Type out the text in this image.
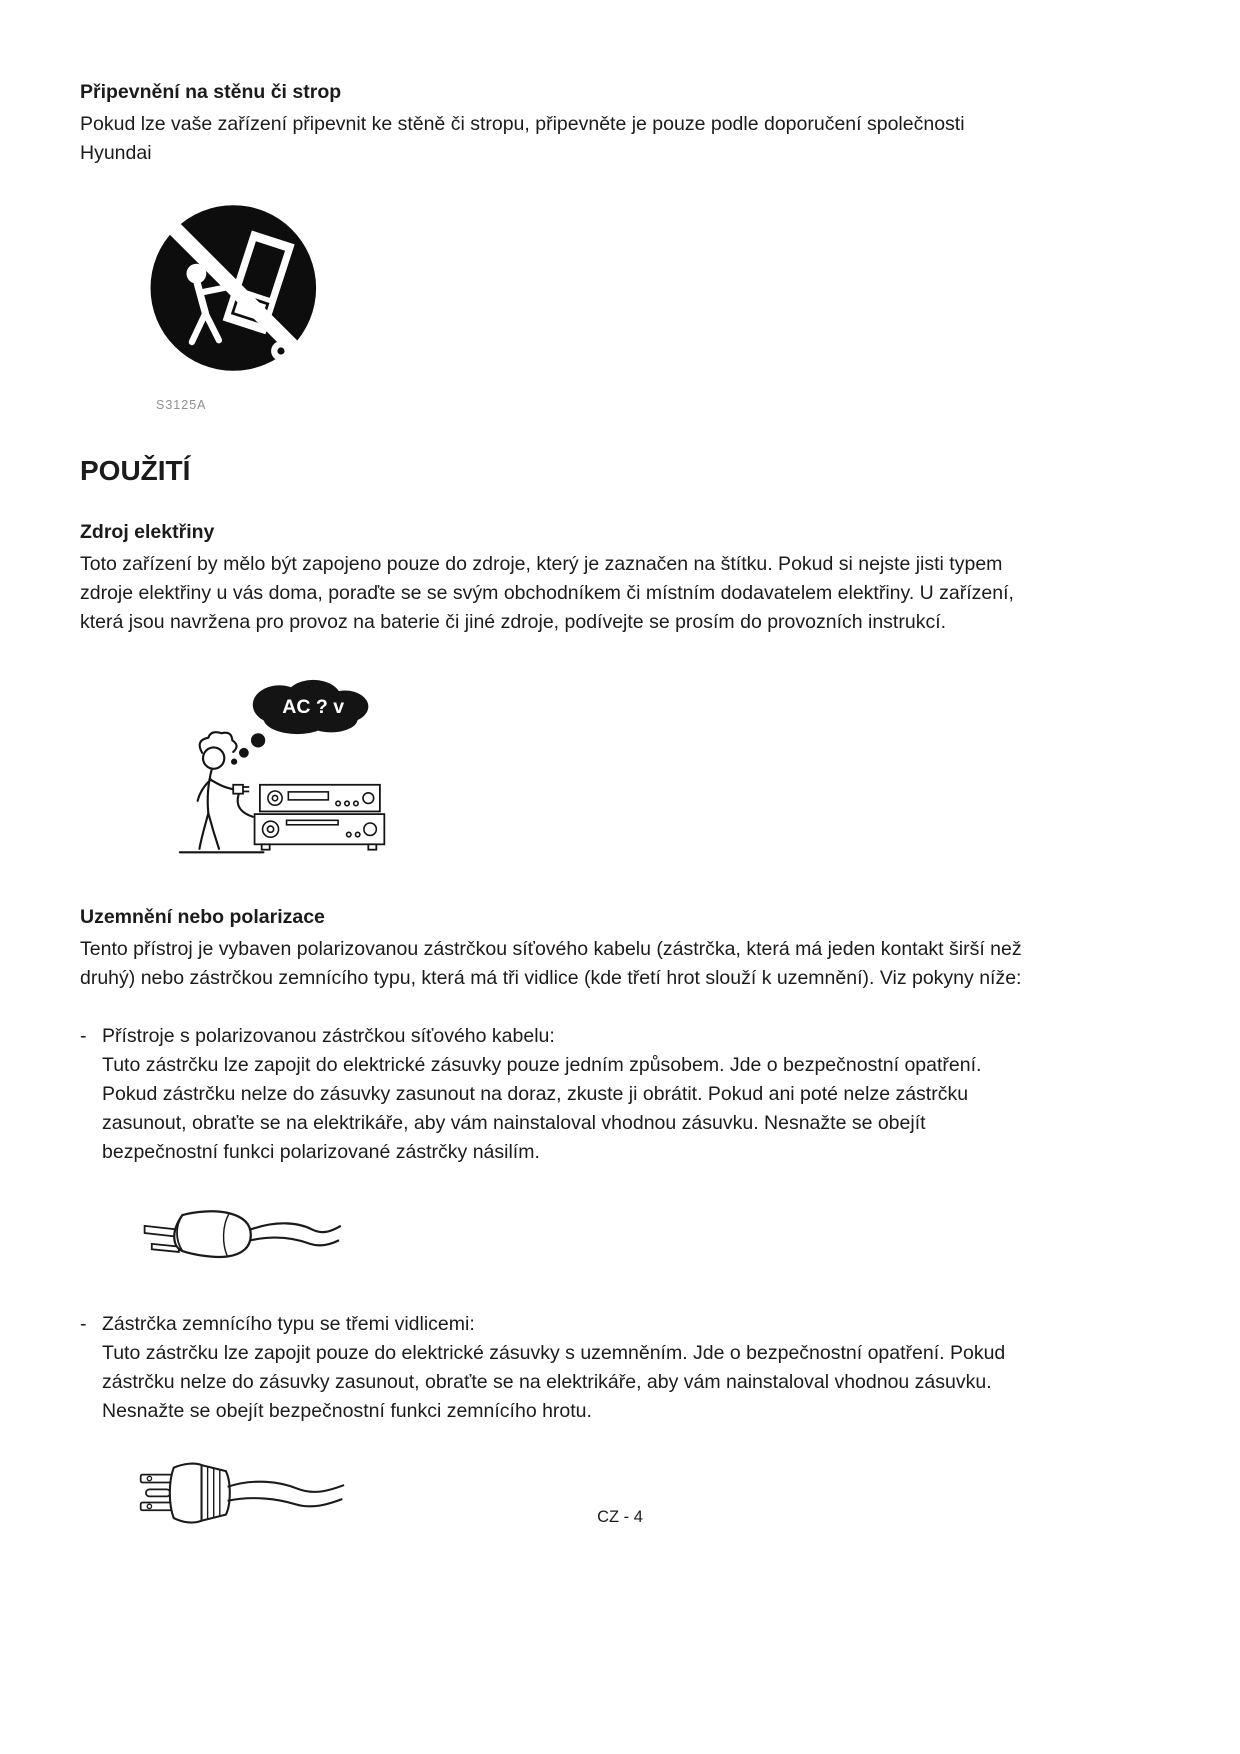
Připevnění na stěnu či strop

Pokud lze vaše zařízení připevnit ke stěně či stropu, připevněte je pouze podle doporučení společnosti Hyundai

S3125A
POUŽITÍ
Zdroj elektřiny

Toto zařízení by mělo být zapojeno pouze do zdroje, který je zaznačen na štítku. Pokud si nejste jisti typem zdroje elektřiny u vás doma, poraďte se se svým obchodníkem či místním dodavatelem elektřiny. U zařízení, která jsou navržena pro provoz na baterie či jiné zdroje, podívejte se prosím do provozních instrukcí.

AC ? v
Uzemnění nebo polarizace

Tento přístroj je vybaven polarizovanou zástrčkou síťového kabelu (zástrčka, která má jeden kontakt širší než druhý) nebo zástrčkou zemnícího typu, která má tři vidlice (kde třetí hrot slouží k uzemnění). Viz pokyny níže:

- Přístroje s polarizovanou zástrčkou síťového kabelu:

Tuto zástrčku lze zapojit do elektrické zásuvky pouze jedním způsobem. Jde o bezpečnostní opatření. Pokud zástrčku nelze do zásuvky zasunout na doraz, zkuste ji obrátit. Pokud ani poté nelze zástrčku zasunout, obraťte se na elektrikáře, aby vám nainstaloval vhodnou zásuvku. Nesnažte se obejít bezpečnostní funkci polarizované zástrčky násilím.

- Zástrčka zemnícího typu se třemi vidlicemi:

Tuto zástrčku lze zapojit pouze do elektrické zásuvky s uzemněním. Jde o bezpečnostní opatření. Pokud zástrčku nelze do zásuvky zasunout, obraťte se na elektrikáře, aby vám nainstaloval vhodnou zásuvku. Nesnažte se obejít bezpečnostní funkci zemnícího hrotu.

CZ - 4
